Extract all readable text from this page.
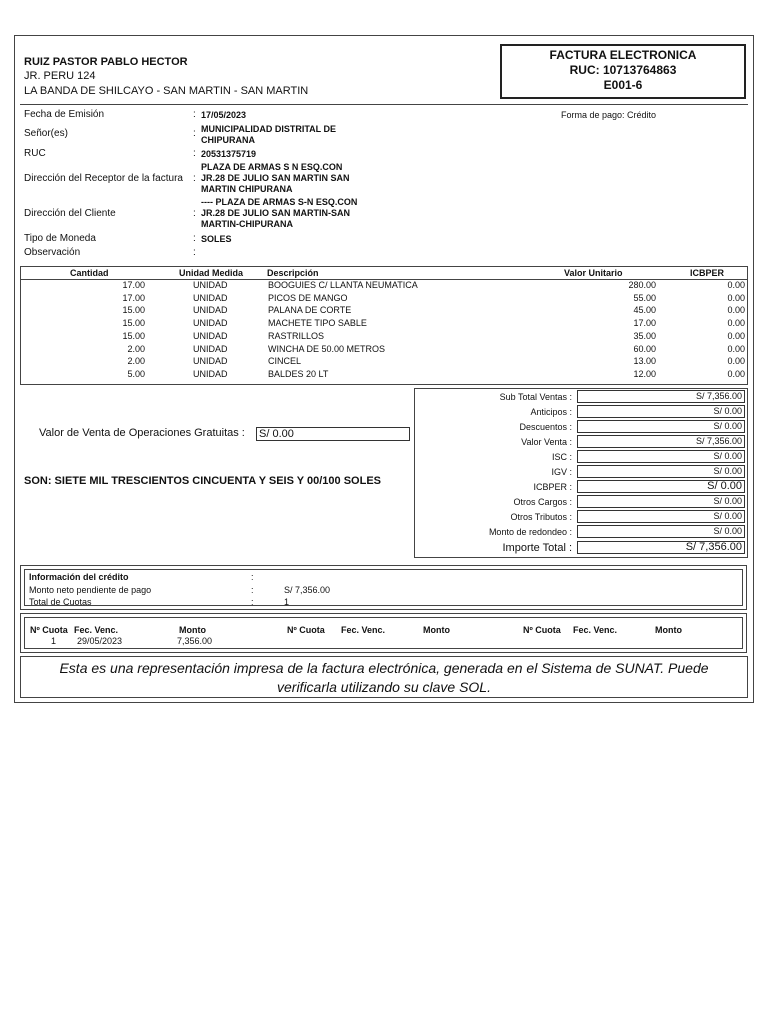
RUIZ PASTOR PABLO HECTOR
JR. PERU 124
LA BANDA DE SHILCAYO - SAN MARTIN - SAN MARTIN
FACTURA ELECTRONICA
RUC: 10713764863
E001-6
Fecha de Emisión	: 17/05/2023	Forma de pago: Crédito
Señor(es)	: MUNICIPALIDAD DISTRITAL DE
CHIPURANA
RUC	: 20531375719
PLAZA DE ARMAS S N ESQ.CON
Dirección del Receptor de la factura : JR.28 DE JULIO SAN MARTIN SAN
MARTIN CHIPURANA
---- PLAZA DE ARMAS S-N ESQ.CON
Dirección del Cliente	: JR.28 DE JULIO SAN MARTIN-SAN
MARTIN-CHIPURANA
Tipo de Moneda	: SOLES
Observación	:
Cantidad	Unidad Medida	Descripción	Valor Unitario	ICBPER
17.00	UNIDAD	BOOGUIES C/ LLANTA NEUMATICA	280.00	0.00
17.00	UNIDAD	PICOS DE MANGO	55.00	0.00
15.00	UNIDAD	PALANA DE CORTE	45.00	0.00
15.00	UNIDAD	MACHETE TIPO SABLE	17.00	0.00
15.00	UNIDAD	RASTRILLOS	35.00	0.00
2.00	UNIDAD	WINCHA DE 50.00 METROS	60.00	0.00
2.00	UNIDAD	CINCEL	13.00	0.00
5.00	UNIDAD	BALDES 20 LT	12.00	0.00
Valor de Venta de Operaciones Gratuitas : S/ 0.00
SON: SIETE MIL TRESCIENTOS CINCUENTA Y SEIS Y 00/100 SOLES
Sub Total Ventas :	S/ 7,356.00
Anticipos :	S/ 0.00
Descuentos :	S/ 0.00
Valor Venta :	S/ 7,356.00
ISC :	S/ 0.00
IGV :	S/ 0.00
ICBPER :	S/ 0.00
Otros Cargos :	S/ 0.00
Otros Tributos :	S/ 0.00
Monto de redondeo :	S/ 0.00
Importe Total :	S/ 7,356.00
Información del crédito	:
Monto neto pendiente de pago	:	S/ 7,356.00
Total de Cuotas	:	1
Nº Cuota Fec. Venc.	Monto	Nº Cuota Fec. Venc.	Monto	Nº Cuota Fec. Venc.	Monto
1 29/05/2023	7,356.00
Esta es una representación impresa de la factura electrónica, generada en el Sistema de SUNAT. Puede
verificarla utilizando su clave SOL.
